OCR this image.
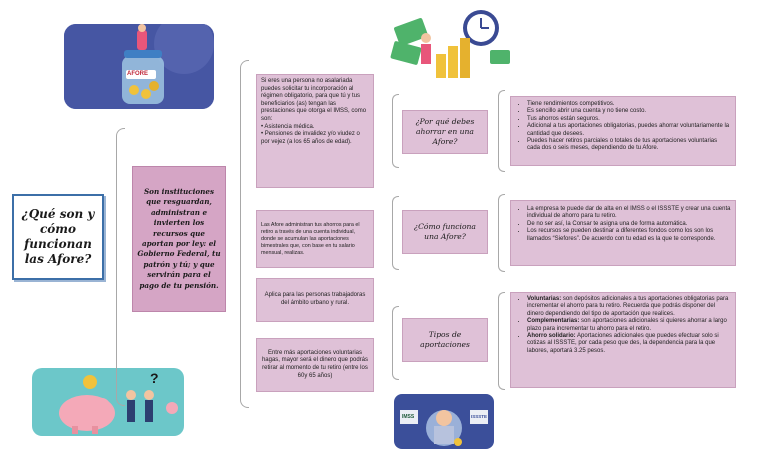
AFORE
?
IMSS	ISSSTE
¿Qué son y cómo funcionan las Afore?
Son instituciones que resguardan, administran e invierten los recursos que aportan por ley: el Gobierno Federal, tu patrón y tú; y que servirán para el pago de tu pensión.
Si eres una persona no asalariada puedes solicitar tu incorporación al régimen obligatorio, para que tú y tus beneficiarios (as) tengan las prestaciones que otorga el IMSS, como son:
• Asistencia médica.
• Pensiones de invalidez y/o viudez o por vejez (a los 65 años de edad).
Las Afore administran tus ahorros para el retiro a través de una cuenta individual, donde se acumulan las aportaciones bimestrales que, con base en tu salario mensual, realizas.
Aplica para las personas trabajadoras del ámbito urbano y rural.
Entre más aportaciones voluntarias hagas, mayor será el dinero que podrás retirar al momento de tu retiro (entre los 60y 65 años)
¿Por qué debes ahorrar en una Afore?
¿Cómo funciona una Afore?
Tipos de aportaciones
• Tiene rendimientos competitivos.
• Es sencillo abrir una cuenta y no tiene costo.
• Tus ahorros están seguros.
• Adicional a tus aportaciones obligatorias, puedes ahorrar voluntariamente la cantidad que desees.
• Puedes hacer retiros parciales o totales de tus aportaciones voluntarias cada dos o seis meses, dependiendo de tu Afore.
• La empresa te puede dar de alta en el IMSS o el ISSSTE y crear una cuenta individual de ahorro para tu retiro.
• De no ser así, la Consar te asigna una de forma automática.
• Los recursos se pueden destinar a diferentes fondos como los son los llamados “Siefores”. De acuerdo con tu edad es la que te corresponde.
• Voluntarias: son depósitos adicionales a tus aportaciones obligatorias para incrementar el ahorro para tu retiro. Recuerda que podrás disponer del dinero dependiendo del tipo de aportación que realices.
• Complementarias: son aportaciones adicionales si quieres ahorrar a largo plazo para incrementar tu ahorro para el retiro.
• Ahorro solidario: Aportaciones adicionales que puedes efectuar solo si cotizas al ISSSTE, por cada peso que des, la dependencia para la que labores, aportará 3.25 pesos.
